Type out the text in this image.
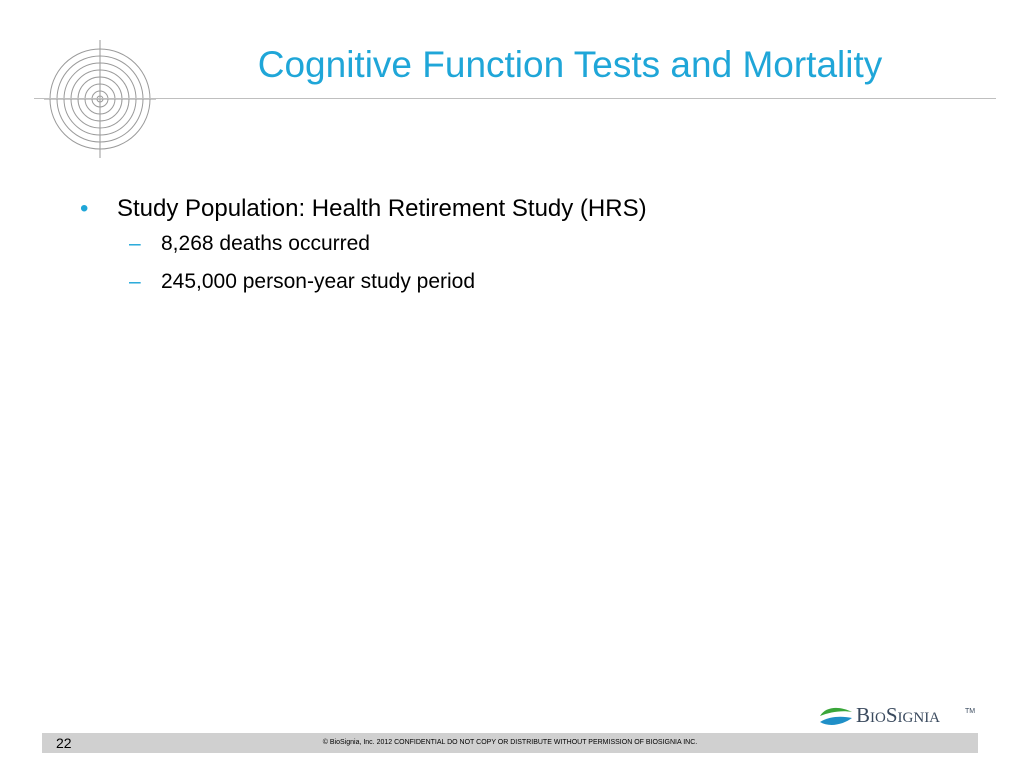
Cognitive Function Tests and Mortality
• Study Population: Health Retirement Study (HRS)
– 8,268 deaths occurred
– 245,000 person-year study period
BIOSIGNIA	TM
22	© BioSignia, Inc. 2012 CONFIDENTIAL DO NOT COPY OR DISTRIBUTE WITHOUT PERMISSION OF BIOSIGNIA INC.
